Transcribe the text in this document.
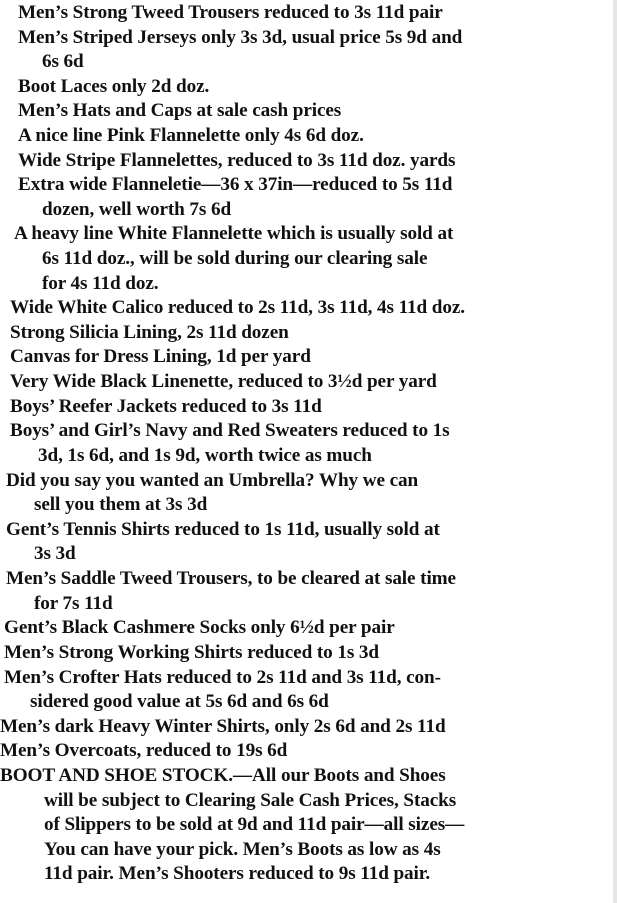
Men’s Strong Tweed Trousers reduced to 3s 11d pair
Men’s Striped Jerseys only 3s 3d, usual price 5s 9d and
6s 6d
Boot Laces only 2d doz.
Men’s Hats and Caps at sale cash prices
A nice line Pink Flannelette only 4s 6d doz.
Wide Stripe Flannelettes, reduced to 3s 11d doz. yards
Extra wide Flanneletie—36 x 37in—reduced to 5s 11d
dozen, well worth 7s 6d
A heavy line White Flannelette which is usually sold at
6s 11d doz., will be sold during our clearing sale
for 4s 11d doz.
Wide White Calico reduced to 2s 11d, 3s 11d, 4s 11d doz.
Strong Silicia Lining, 2s 11d dozen
Canvas for Dress Lining, 1d per yard
Very Wide Black Linenette, reduced to 3½d per yard
Boys’ Reefer Jackets reduced to 3s 11d
Boys’ and Girl’s Navy and Red Sweaters reduced to 1s
3d, 1s 6d, and 1s 9d, worth twice as much
Did you say you wanted an Umbrella? Why we can
sell you them at 3s 3d
Gent’s Tennis Shirts reduced to 1s 11d, usually sold at
3s 3d
Men’s Saddle Tweed Trousers, to be cleared at sale time
for 7s 11d
Gent’s Black Cashmere Socks only 6½d per pair
Men’s Strong Working Shirts reduced to 1s 3d
Men’s Crofter Hats reduced to 2s 11d and 3s 11d, con-
sidered good value at 5s 6d and 6s 6d
Men’s dark Heavy Winter Shirts, only 2s 6d and 2s 11d
Men’s Overcoats, reduced to 19s 6d
BOOT AND SHOE STOCK.—All our Boots and Shoes
will be subject to Clearing Sale Cash Prices, Stacks
of Slippers to be sold at 9d and 11d pair—all sizes—
You can have your pick. Men’s Boots as low as 4s
11d pair. Men’s Shooters reduced to 9s 11d pair.
